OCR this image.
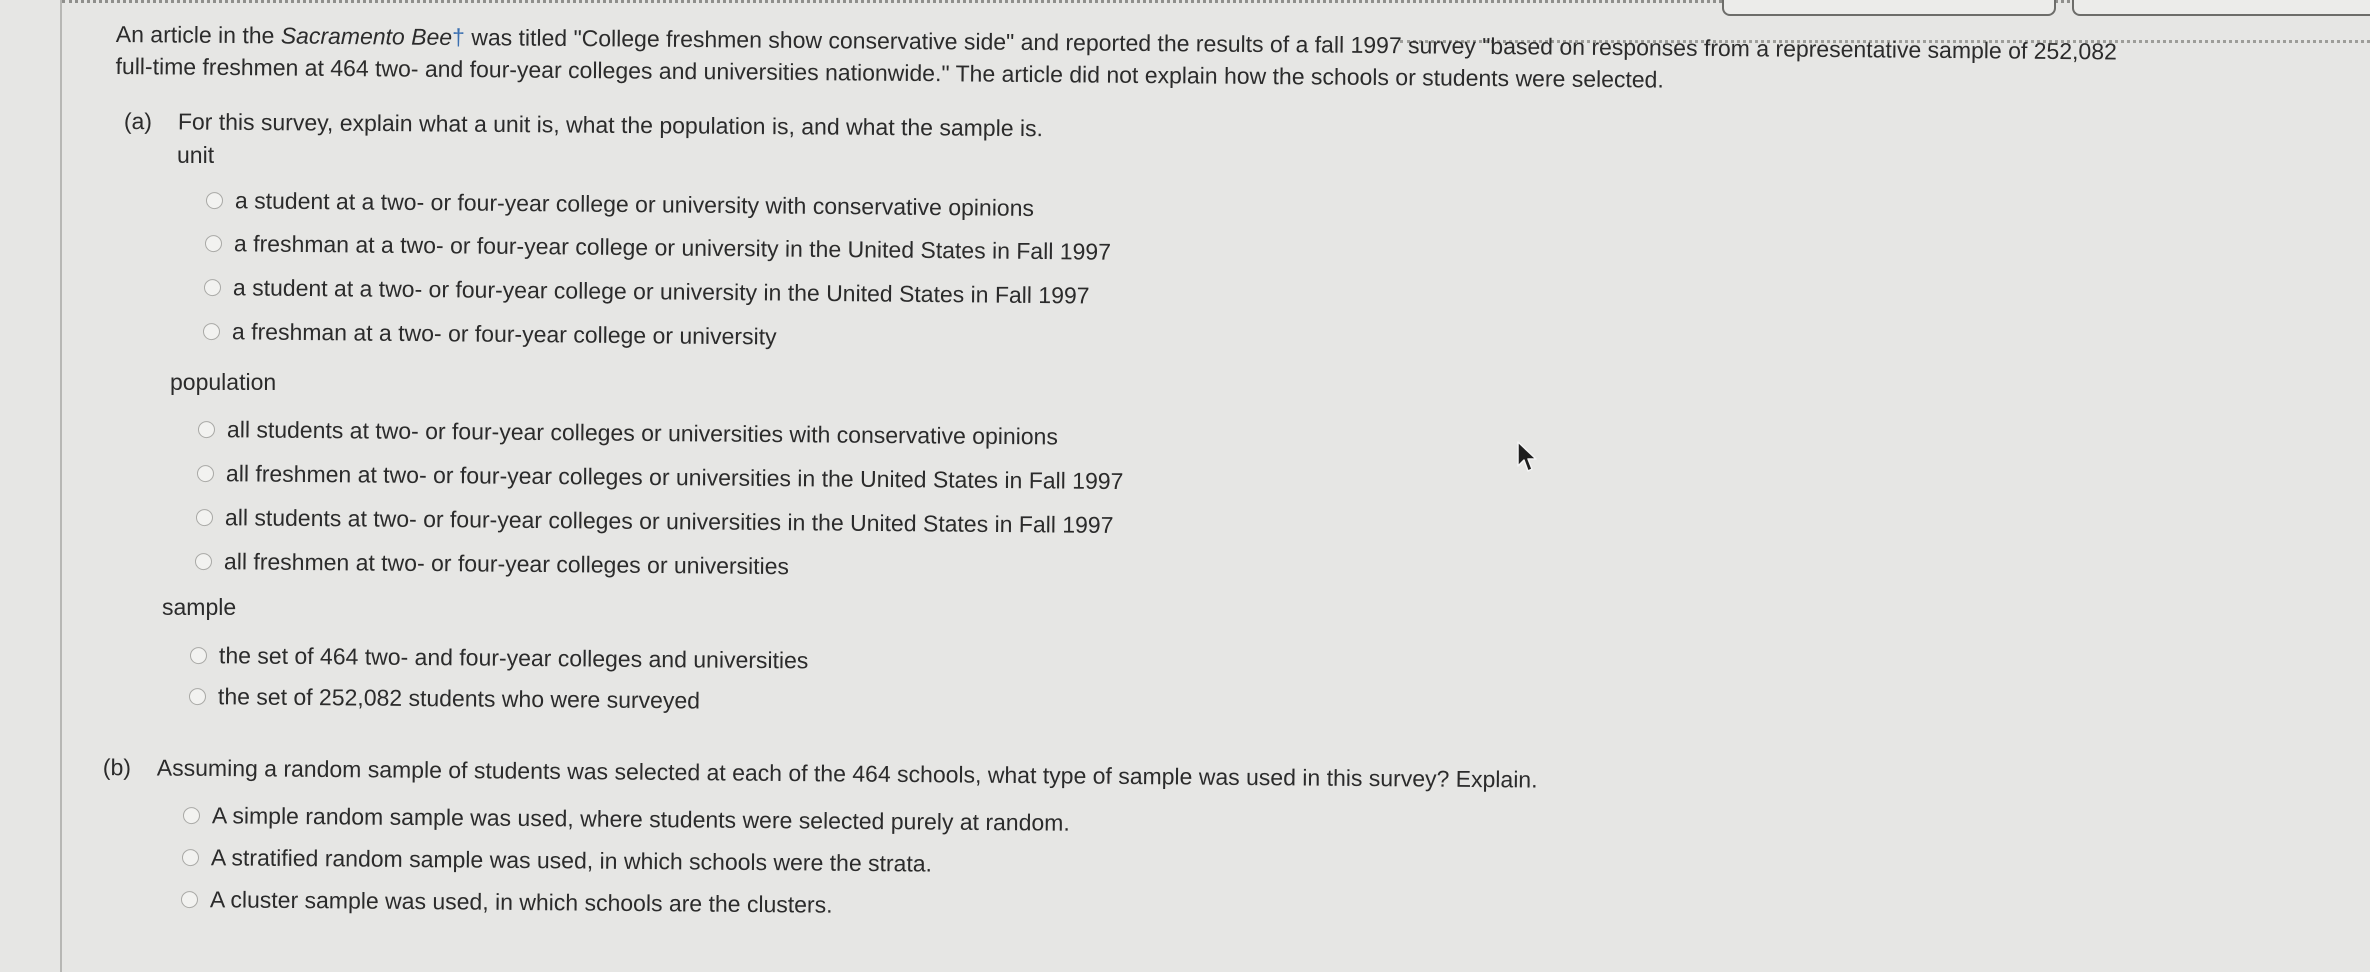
An article in the Sacramento Bee† was titled "College freshmen show conservative side" and reported the results of a fall 1997 survey "based on responses from a representative sample of 252,082
full-time freshmen at 464 two- and four-year colleges and universities nationwide." The article did not explain how the schools or students were selected.
(a) For this survey, explain what a unit is, what the population is, and what the sample is.
unit
a student at a two- or four-year college or university with conservative opinions
a freshman at a two- or four-year college or university in the United States in Fall 1997
a student at a two- or four-year college or university in the United States in Fall 1997
a freshman at a two- or four-year college or university
population
all students at two- or four-year colleges or universities with conservative opinions
all freshmen at two- or four-year colleges or universities in the United States in Fall 1997
all students at two- or four-year colleges or universities in the United States in Fall 1997
all freshmen at two- or four-year colleges or universities
sample
the set of 464 two- and four-year colleges and universities
the set of 252,082 students who were surveyed
(b) Assuming a random sample of students was selected at each of the 464 schools, what type of sample was used in this survey? Explain.
A simple random sample was used, where students were selected purely at random.
A stratified random sample was used, in which schools were the strata.
A cluster sample was used, in which schools are the clusters.
